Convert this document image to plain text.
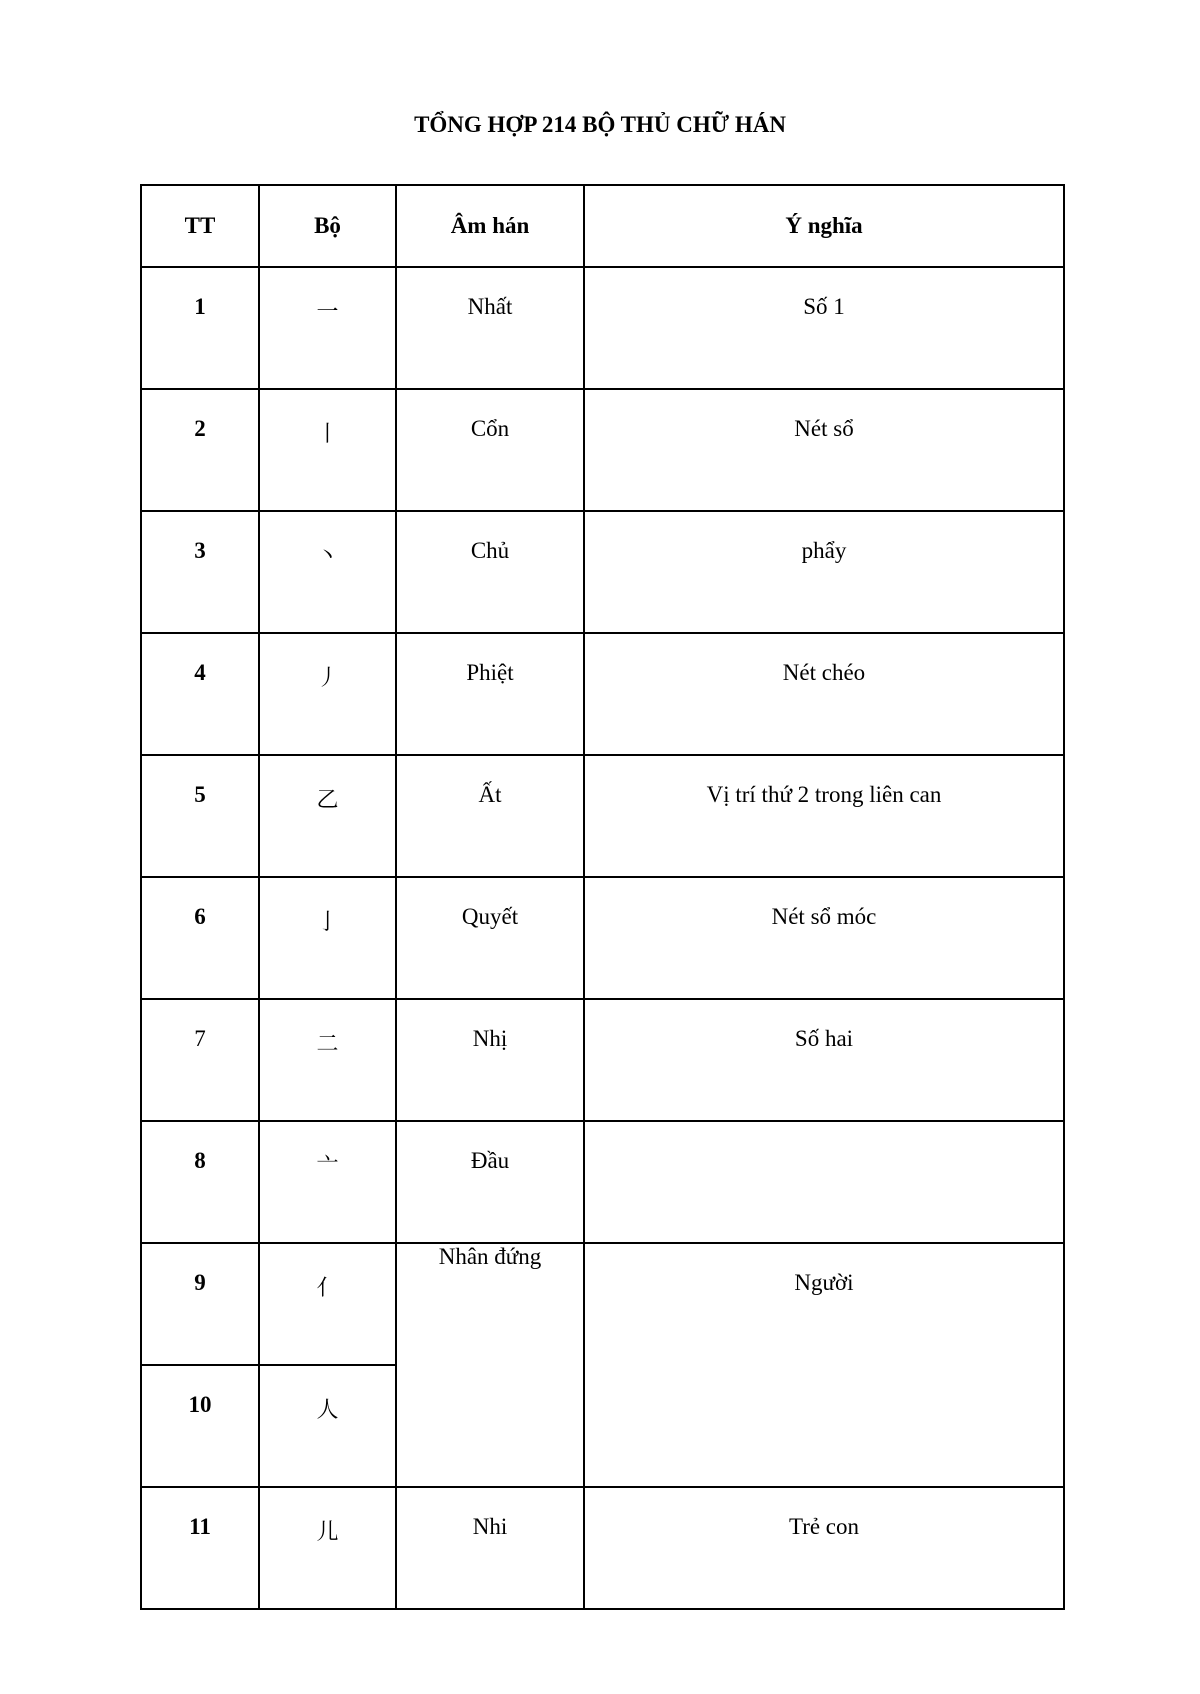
TỔNG HỢP 214 BỘ THỦ CHỮ HÁN
TT	Bộ	Âm hán	Ý nghĩa

1	一	Nhất	Số 1

2	丨	Cổn	Nét sổ

3	丶	Chủ	phẩy

4	丿	Phiệt	Nét chéo

5	乙	Ất	Vị trí thứ 2 trong liên can

6	亅	Quyết	Nét sổ móc

7	二	Nhị	Số hai

8	亠	Đầu	

9	亻	Nhân đứng	Người

10	人		

11	儿	Nhi	Trẻ con
